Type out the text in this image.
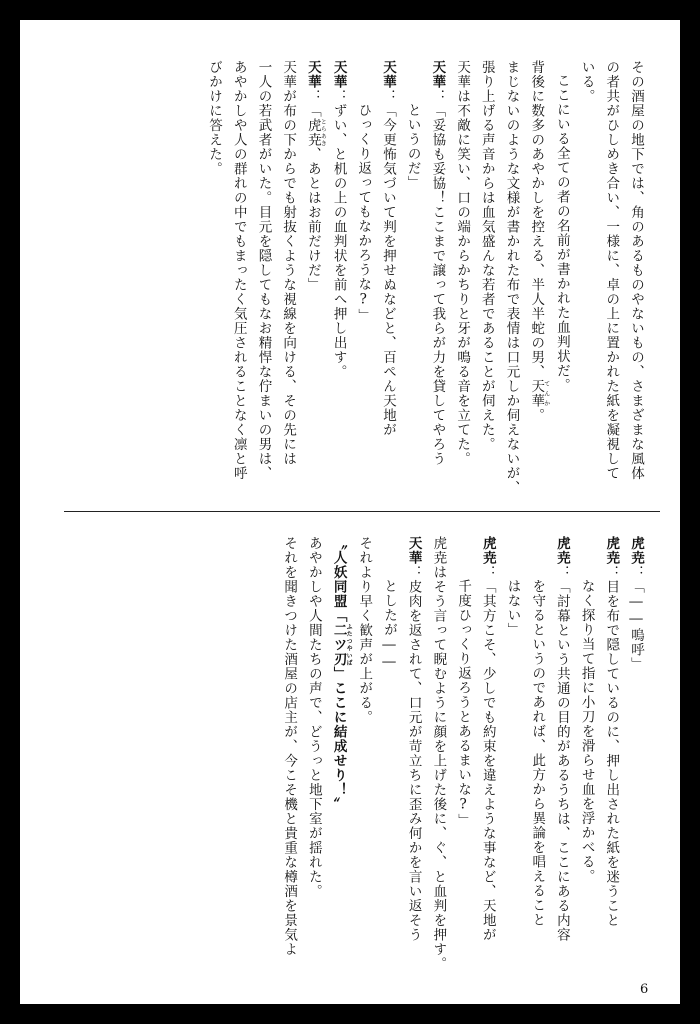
その酒屋の地下では、角のあるものやないもの、さまざまな風体
の者共がひしめき合い、一様に、卓の上に置かれた紙を凝視して
いる。
ここにいる全ての者の名前が書かれた血判状だ。
背後に数多のあやかしを控える、半人半蛇の男、天華てんか。
まじないのような文様が書かれた布で表情は口元しか伺えないが、
張り上げる声音からは血気盛んな若者であることが伺えた。
天華は不敵に笑い、口の端からかちりと牙が鳴る音を立てた。
天華：「妥協も妥協！ここまで譲って我らが力を貸してやろう
というのだ」
天華：「今更怖気づいて判を押せぬなどと、百ぺん天地が
ひっくり返ってもなかろうな?」
天華：ずい、と机の上の血判状を前へ押し出す。
天華：「虎尭とらあき、あとはお前だけだ」
天華が布の下からでも射抜くような視線を向ける、その先には
一人の若武者がいた。目元を隠してもなお精悍な佇まいの男は、
あやかしや人の群れの中でもまったく気圧されることなく凛と呼
びかけに答えた。
虎尭：「――嗚呼」
虎尭：目を布で隠しているのに、押し出された紙を迷うこと
なく探り当て指に小刀を滑らせ血を浮かべる。
虎尭：「討幕という共通の目的があるうちは、ここにある内容
を守るというのであれば、此方から異論を唱えること
はない」
虎尭：「其方こそ、少しでも約束を違えような事など、天地が
千度ひっくり返ろうとあるまいな?」
虎尭はそう言って睨むように顔を上げた後に、ぐ、と血判を押す。
天華：皮肉を返されて、口元が苛立ちに歪み何かを言い返そう
としたが――
それより早く歓声が上がる。
〝人妖同盟「二ツ刃ふたつやいば」ここに結成せり！〟
あやかしや人間たちの声で、どうっと地下室が揺れた。
それを聞きつけた酒屋の店主が、今こそ機と貴重な樽酒を景気よ
6
